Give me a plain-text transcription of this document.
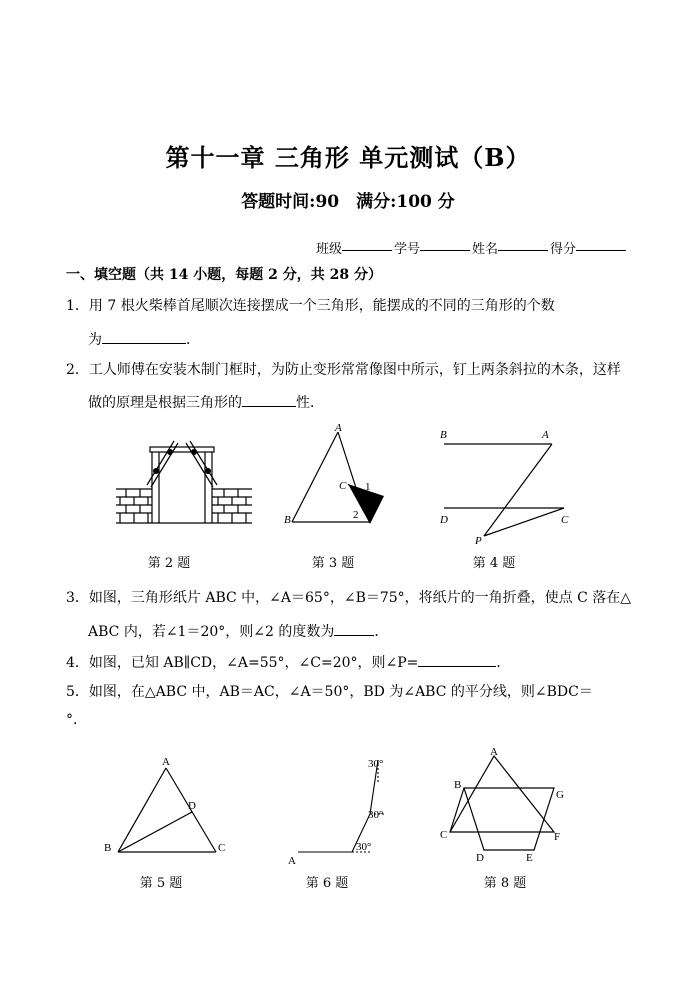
第十一章 三角形 单元测试（B）
答题时间:90　满分:100 分
班级	学号	姓名	得分
一、填空题（共 14 小题，每题 2 分，共 28 分）
1．用 7 根火柴棒首尾顺次连接摆成一个三角形，能摆成的不同的三角形的个数
为	．
2．工人师傅在安装木制门框时，为防止变形常常像图中所示，钉上两条斜拉的木条，这样
做的原理是根据三角形的	性．
第 2 题
A
B
C 1
2
第 3 题
B	A
D	C
P
第 4 题
3．如图，三角形纸片 ABC 中，∠A＝65°，∠B＝75°，将纸片的一角折叠，使点 C 落在△
ABC 内，若∠1＝20°，则∠2 的度数为	．
4．如图，已知 AB∥CD，∠A=55°，∠C=20°，则∠P=	．
5．如图，在△ABC 中，AB＝AC，∠A＝50°，BD 为∠ABC 的平分线，则∠BDC＝
°．
A
D
B	C
第 5 题
A
30°
30°
30°
第 6 题
A
B
G
C	F
D	E
第 8 题
